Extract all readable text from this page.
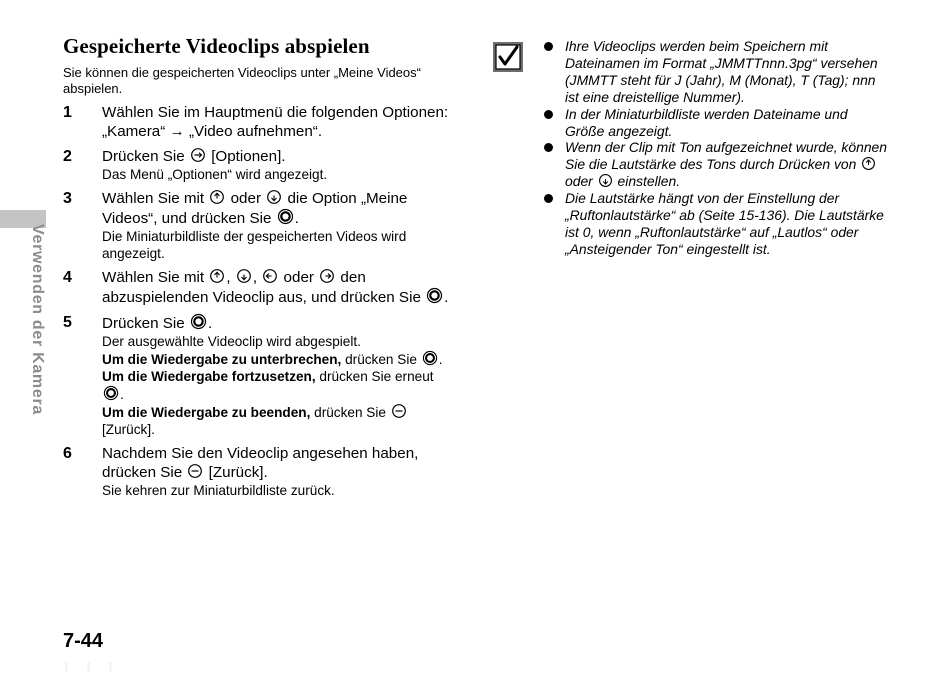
Verwenden der Kamera
Gespeicherte Videoclips abspielen
Sie können die gespeicherten Videoclips unter „Meine Videos“ abspielen.
1 Wählen Sie im Hauptmenü die folgenden Optionen:
„Kamera“ → „Video aufnehmen“.
2 Drücken Sie [Optionen].
Das Menü „Optionen“ wird angezeigt.
3 Wählen Sie mit oder die Option „Meine
Videos“, und drücken Sie .
Die Miniaturbildliste der gespeicherten Videos wird angezeigt.
4 Wählen Sie mit , , oder den
abzuspielenden Videoclip aus, und drücken Sie .
5 Drücken Sie .
Der ausgewählte Videoclip wird abgespielt.
Um die Wiedergabe zu unterbrechen, drücken Sie .
Um die Wiedergabe fortzusetzen, drücken Sie erneut

.
Um die Wiedergabe zu beenden, drücken Sie

[Zurück].
6 Nachdem Sie den Videoclip angesehen haben,
drücken Sie [Zurück].
Sie kehren zur Miniaturbildliste zurück.
Ihre Videoclips werden beim Speichern mit Dateinamen im Format „JMMTTnnn.3pg“ versehen (JMMTT steht für J (Jahr), M (Monat), T (Tag); nnn ist eine dreistellige Nummer).
In der Miniaturbildliste werden Dateiname und Größe angezeigt.
Wenn der Clip mit Ton aufgezeichnet wurde, können Sie die Lautstärke des Tons durch Drücken von
oder einstellen.
Die Lautstärke hängt von der Einstellung der „Ruftonlautstärke“ ab (Seite 15-136). Die Lautstärke ist 0, wenn „Ruftonlautstärke“ auf „Lautlos“ oder „Ansteigender Ton“ eingestellt ist.
7-44
ı ı ı
